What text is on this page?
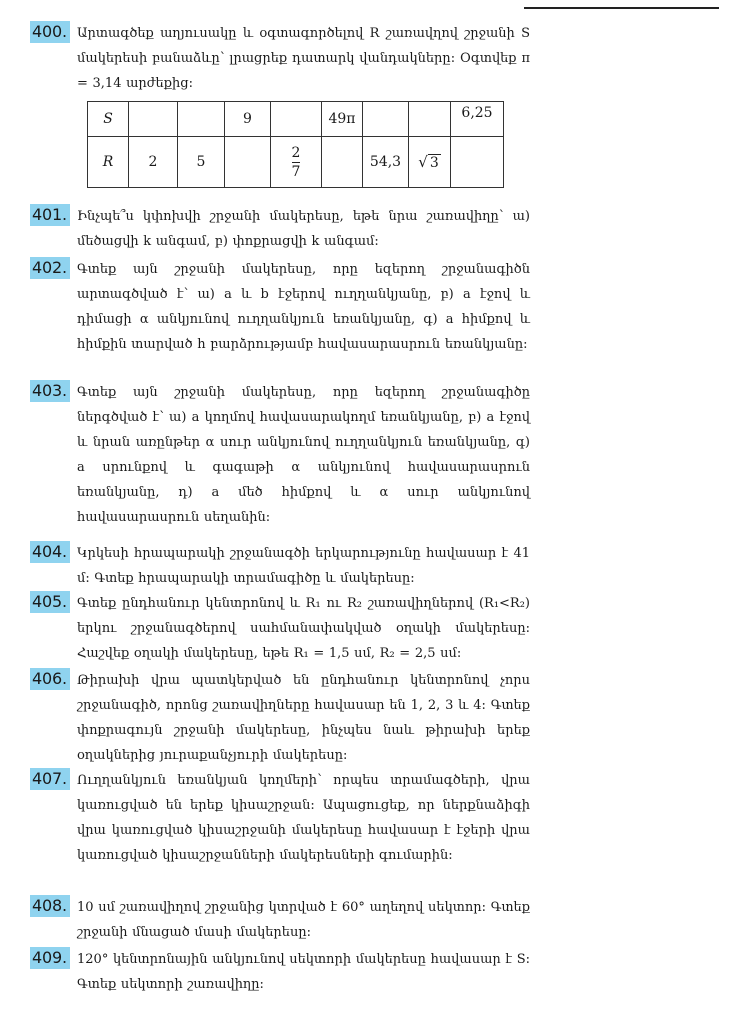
400. Արտագծեք աղյուսակը և օգտագործելով R շառավղով շրջանի S մակերեսի բանաձևը՝ լրացրեք դատարկ վանդակները: Օգտվեք π = 3,14 արժեքից:
S			9		49π			6,25
R	2	5		$\frac{2}{7}$		54,3	√ 3	
401. Ինչպե՞ս կփոխվի շրջանի մակերեսը, եթե նրա շառավիղը՝ ա) մեծացվի k անգամ, բ) փոքրացվի k անգամ:
402. Գտեք այն շրջանի մակերեսը, որը եզերող շրջանագիծն արտագծված է՝ ա) a և b էջերով ուղղանկյանը, բ) a էջով և դիմացի α անկյունով ուղղանկյուն եռանկյանը, գ) a հիմքով և հիմքին տարված h բարձրությամբ հավասարասրուն եռանկյանը:
403. Գտեք այն շրջանի մակերեսը, որը եզերող շրջանագիծը ներգծված է՝ ա) a կողմով հավասարակողմ եռանկյանը, բ) a էջով և նրան առընթեր α սուր անկյունով ուղղանկյուն եռանկյանը, գ) a սրունքով և գագաթի α անկյունով հավասարասրուն եռանկյանը, դ) a մեծ հիմքով և α սուր անկյունով հավասարասրուն սեղանին:
404. Կրկեսի հրապարակի շրջանագծի երկարությունը հավասար է 41 մ: Գտեք հրապարակի տրամագիծը և մակերեսը:
405. Գտեք ընդհանուր կենտրոնով և R₁ ու R₂ շառավիղներով (R₁<R₂) երկու շրջանագծերով սահմանափակված օղակի մակերեսը: Հաշվեք օղակի մակերեսը, եթե R₁ = 1,5 սմ, R₂ = 2,5 սմ:
406. Թիրախի վրա պատկերված են ընդհանուր կենտրոնով չորս շրջանագիծ, որոնց շառավիղները հավասար են 1, 2, 3 և 4: Գտեք փոքրագույն շրջանի մակերեսը, ինչպես նաև թիրախի երեք օղակներից յուրաքանչյուրի մակերեսը:
407. Ուղղանկյուն եռանկյան կողմերի՝ որպես տրամագծերի, վրա կառուցված են երեք կիսաշրջան: Ապացուցեք, որ ներքնաձիգի վրա կառուցված կիսաշրջանի մակերեսը հավասար է էջերի վրա կառուցված կիսաշրջանների մակերեսների գումարին:
408. 10 սմ շառավիղով շրջանից կտրված է 60° աղեղով սեկտոր: Գտեք շրջանի մնացած մասի մակերեսը:
409. 120° կենտրոնային անկյունով սեկտորի մակերեսը հավասար է S: Գտեք սեկտորի շառավիղը:
